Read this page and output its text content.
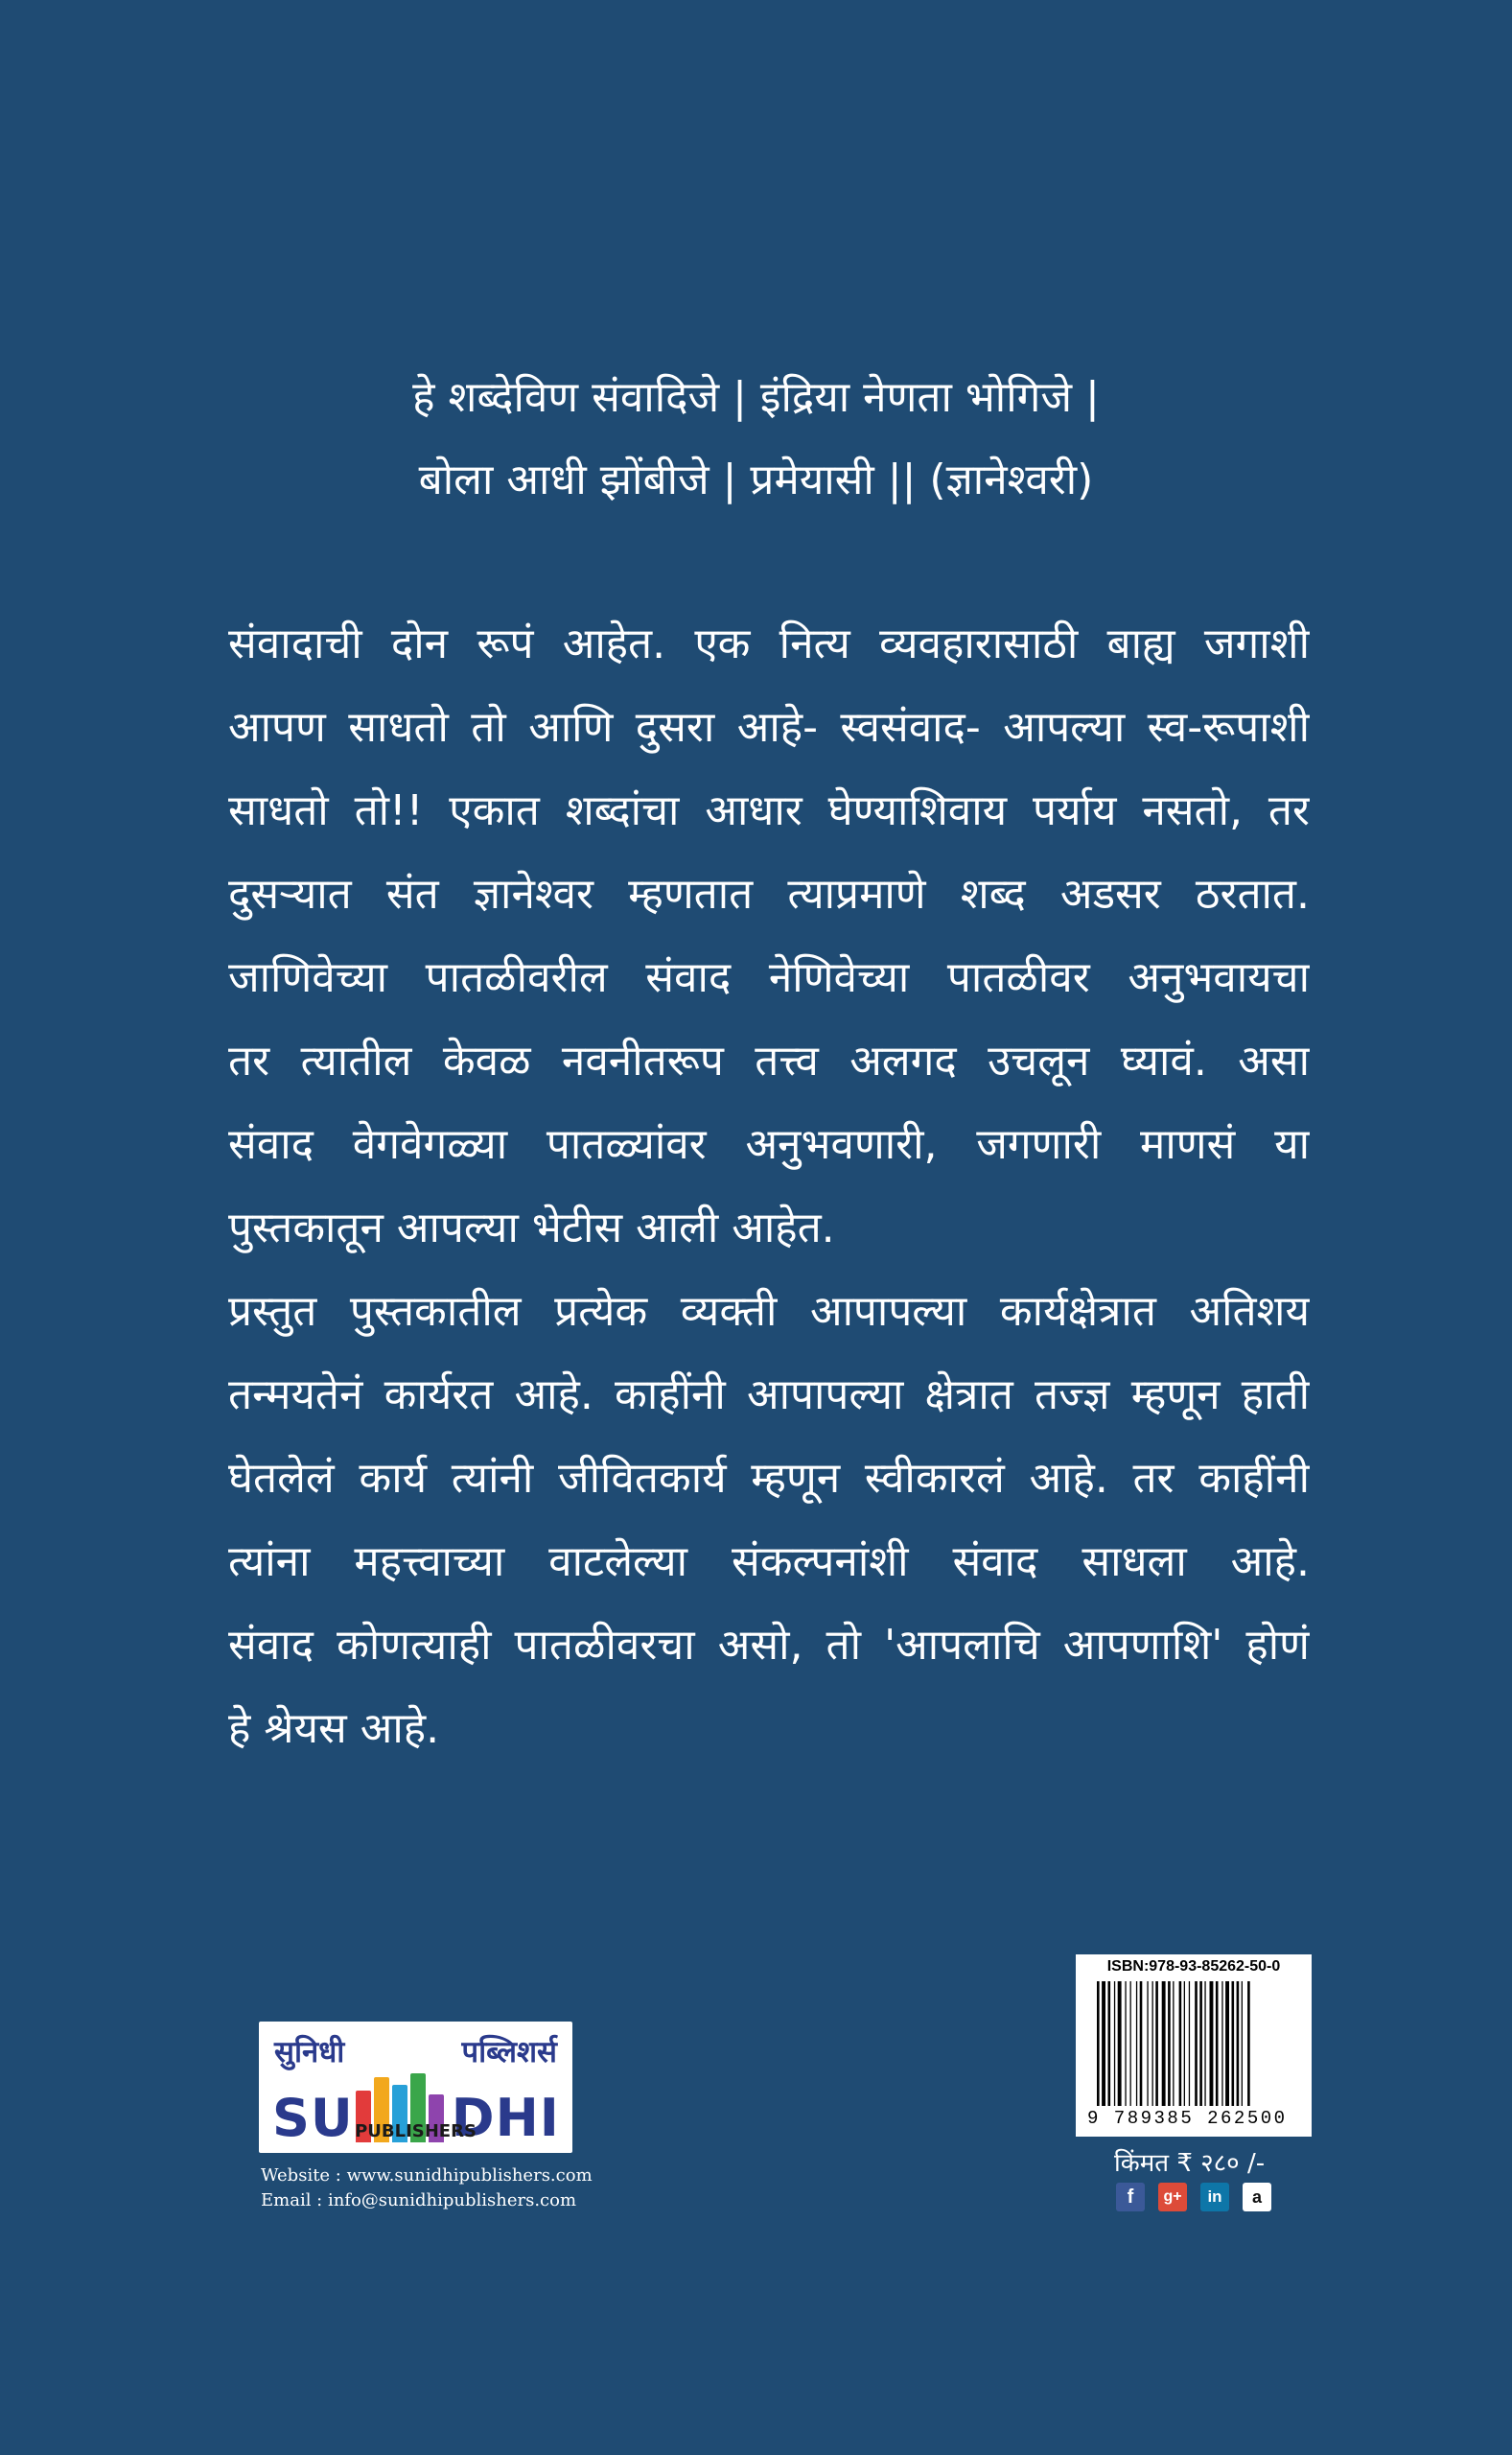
हे शब्देविण संवादिजे | इंद्रिया नेणता भोगिजे |
बोला आधी झोंबीजे | प्रमेयासी || (ज्ञानेश्वरी)
संवादाची दोन रूपं आहेत. एक नित्य व्यवहारासाठी बाह्य जगाशी
आपण साधतो तो आणि दुसरा आहे- स्वसंवाद- आपल्या स्व-रूपाशी
साधतो तो!! एकात शब्दांचा आधार घेण्याशिवाय पर्याय नसतो, तर
दुसऱ्यात संत ज्ञानेश्वर म्हणतात त्याप्रमाणे शब्द अडसर ठरतात.
जाणिवेच्या पातळीवरील संवाद नेणिवेच्या पातळीवर अनुभवायचा
तर त्यातील केवळ नवनीतरूप तत्त्व अलगद उचलून घ्यावं. असा
संवाद वेगवेगळ्या पातळ्यांवर अनुभवणारी, जगणारी माणसं या
पुस्तकातून आपल्या भेटीस आली आहेत.
प्रस्तुत पुस्तकातील प्रत्येक व्यक्ती आपापल्या कार्यक्षेत्रात अतिशय
तन्मयतेनं कार्यरत आहे. काहींनी आपापल्या क्षेत्रात तज्ज्ञ म्हणून हाती
घेतलेलं कार्य त्यांनी जीवितकार्य म्हणून स्वीकारलं आहे. तर काहींनी
त्यांना महत्त्वाच्या वाटलेल्या संकल्पनांशी संवाद साधला आहे.
संवाद कोणत्याही पातळीवरचा असो, तो 'आपलाचि आपणाशि' होणं
हे श्रेयस आहे.
सुनिधी	पब्लिशर्स
SU DHI
PUBLISHERS
Website : www.sunidhipublishers.com
Email : info@sunidhipublishers.com
ISBN:978-93-85262-50-0
9 789385 262500
किंमत ₹ २८० /-
f	g+	in	a
